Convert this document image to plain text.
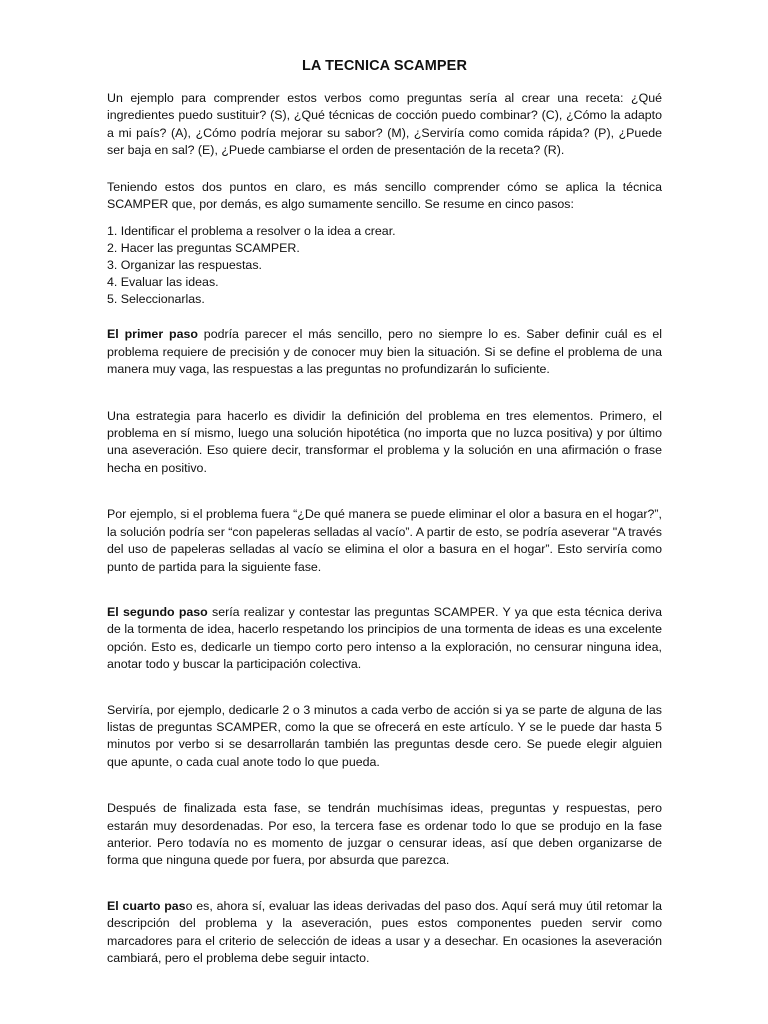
LA TECNICA SCAMPER

Un ejemplo para comprender estos verbos como preguntas sería al crear una receta: ¿Qué ingredientes puedo sustituir? (S), ¿Qué técnicas de cocción puedo combinar? (C), ¿Cómo la adapto a mi país? (A), ¿Cómo podría mejorar su sabor? (M), ¿Serviría como comida rápida? (P), ¿Puede ser baja en sal? (E), ¿Puede cambiarse el orden de presentación de la receta? (R).

Teniendo estos dos puntos en claro, es más sencillo comprender cómo se aplica la técnica SCAMPER que, por demás, es algo sumamente sencillo. Se resume en cinco pasos:

1. Identificar el problema a resolver o la idea a crear.
2. Hacer las preguntas SCAMPER.
3. Organizar las respuestas.
4. Evaluar las ideas.
5. Seleccionarlas.

El primer paso podría parecer el más sencillo, pero no siempre lo es. Saber definir cuál es el problema requiere de precisión y de conocer muy bien la situación. Si se define el problema de una manera muy vaga, las respuestas a las preguntas no profundizarán lo suficiente.

Una estrategia para hacerlo es dividir la definición del problema en tres elementos. Primero, el problema en sí mismo, luego una solución hipotética (no importa que no luzca positiva) y por último una aseveración. Eso quiere decir, transformar el problema y la solución en una afirmación o frase hecha en positivo.

Por ejemplo, si el problema fuera “¿De qué manera se puede eliminar el olor a basura en el hogar?”, la solución podría ser “con papeleras selladas al vacío”. A partir de esto, se podría aseverar "A través del uso de papeleras selladas al vacío se elimina el olor a basura en el hogar”. Esto serviría como punto de partida para la siguiente fase.

El segundo paso sería realizar y contestar las preguntas SCAMPER. Y ya que esta técnica deriva de la tormenta de idea, hacerlo respetando los principios de una tormenta de ideas es una excelente opción. Esto es, dedicarle un tiempo corto pero intenso a la exploración, no censurar ninguna idea, anotar todo y buscar la participación colectiva.

Serviría, por ejemplo, dedicarle 2 o 3 minutos a cada verbo de acción si ya se parte de alguna de las listas de preguntas SCAMPER, como la que se ofrecerá en este artículo. Y se le puede dar hasta 5 minutos por verbo si se desarrollarán también las preguntas desde cero. Se puede elegir alguien que apunte, o cada cual anote todo lo que pueda.

Después de finalizada esta fase, se tendrán muchísimas ideas, preguntas y respuestas, pero estarán muy desordenadas. Por eso, la tercera fase es ordenar todo lo que se produjo en la fase anterior. Pero todavía no es momento de juzgar o censurar ideas, así que deben organizarse de forma que ninguna quede por fuera, por absurda que parezca.

El cuarto paso es, ahora sí, evaluar las ideas derivadas del paso dos. Aquí será muy útil retomar la descripción del problema y la aseveración, pues estos componentes pueden servir como marcadores para el criterio de selección de ideas a usar y a desechar. En ocasiones la aseveración cambiará, pero el problema debe seguir intacto.
